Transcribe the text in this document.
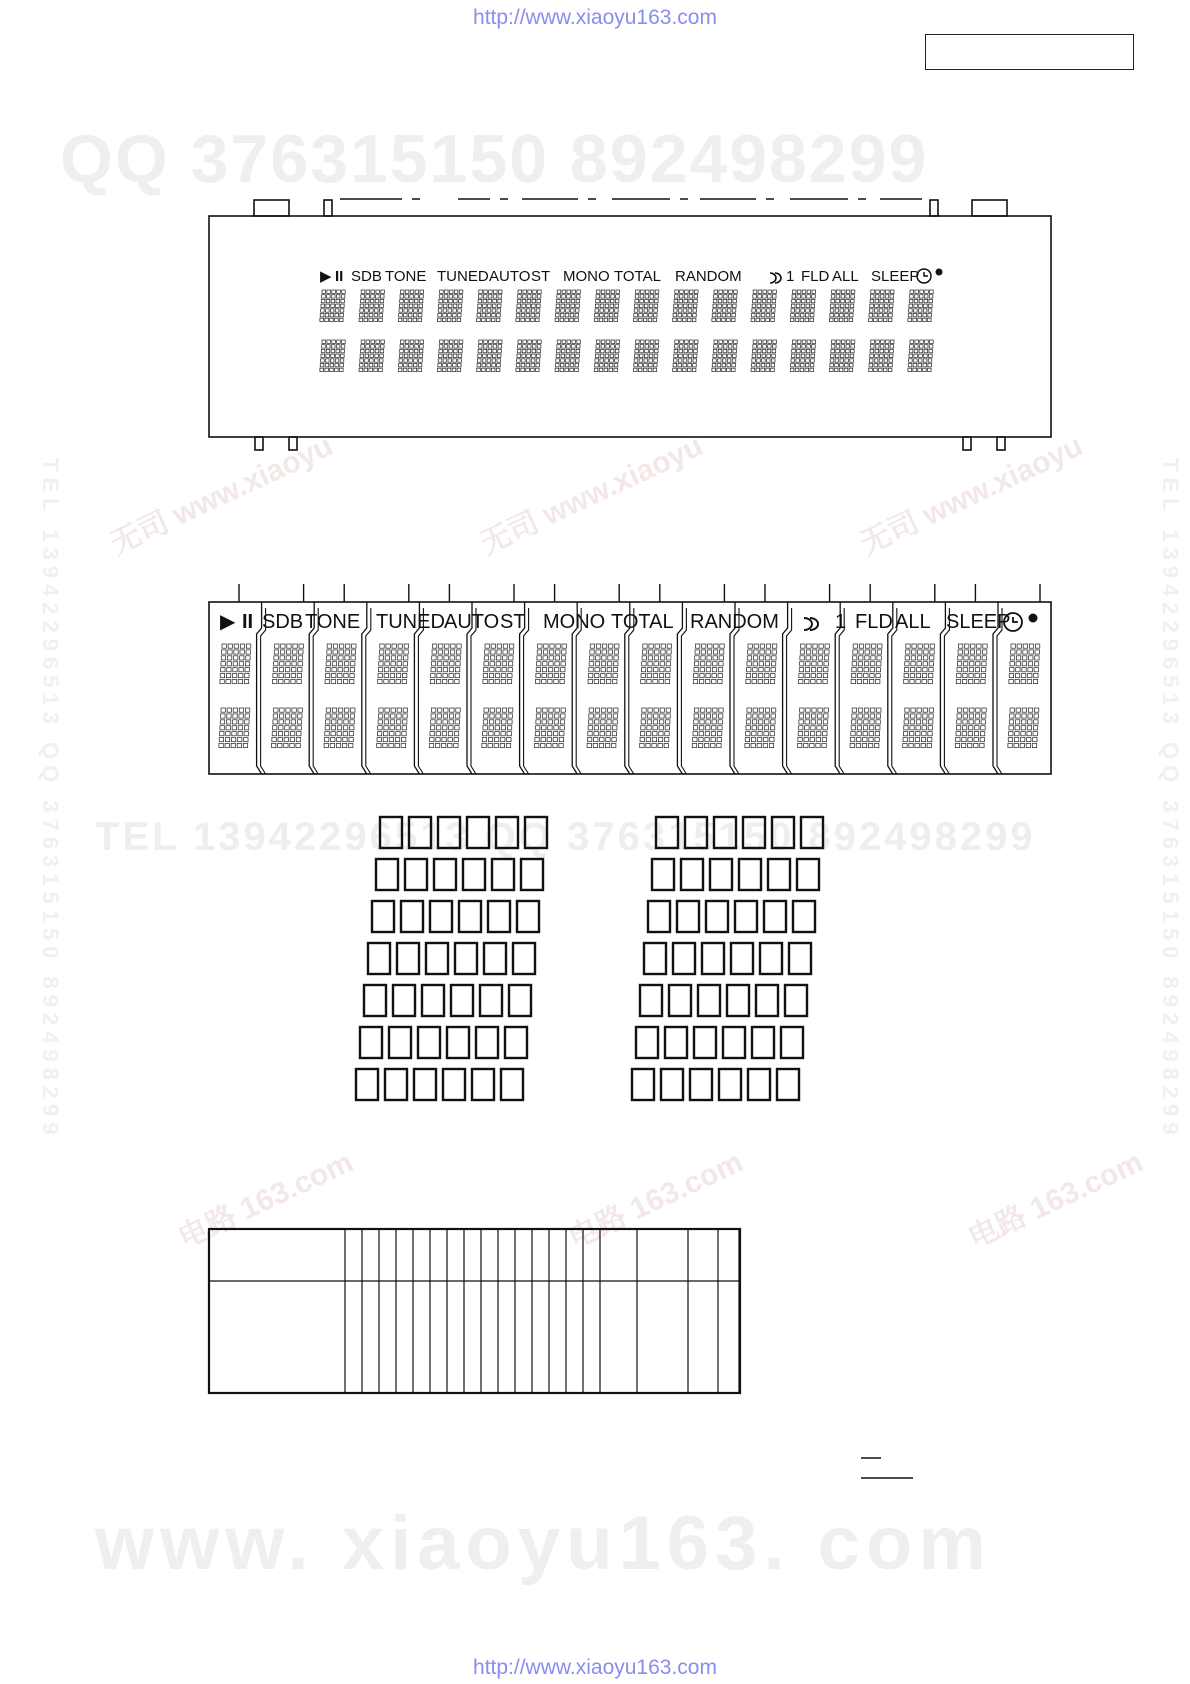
http://www.xiaoyu163.com
QQ 376315150 892498299
TEL 13942296513 QQ 376315150 892498299
www. xiaoyu163. com
TEL 13942296513 QQ 376315150 892498299	TEL 13942296513 QQ 376315150 892498299
无司 www.xiaoyu	无司 www.xiaoyu	无司 www.xiaoyu
电路 163.com	电路 163.com	电路 163.com
▶ II SDB TONE TUNED AUTO ST MONO TOTAL RANDOM	1 FLD ALL SLEEP
▶ II SDB TONE TUNED AUTO ST MONO TOTAL RANDOM	1 FLD ALL SLEEP
http://www.xiaoyu163.com
